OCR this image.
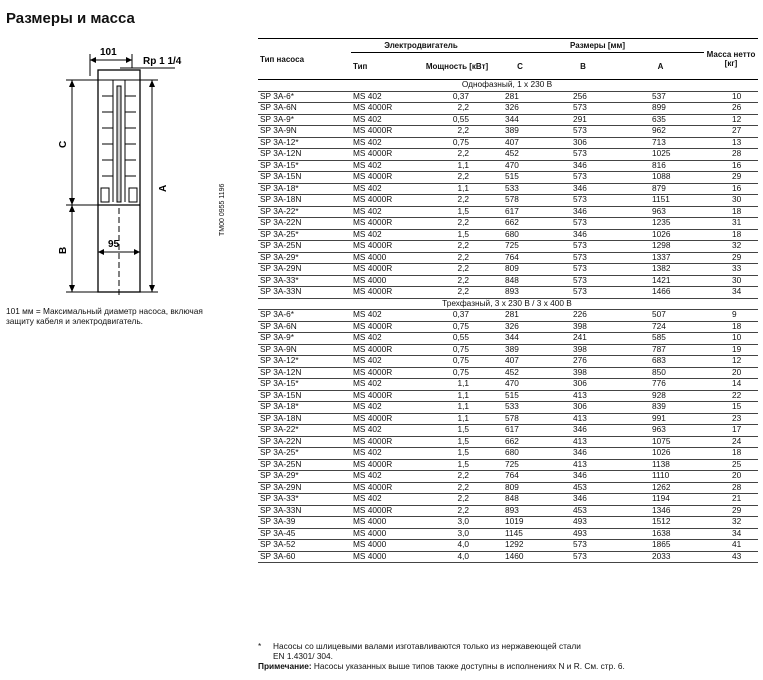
Размеры и масса
101
Rp 1 1/4
C
B
A
95
101 мм = Максимальный диаметр насоса, включая защиту кабеля и электродвигатель.
TM00 0955 1196
Тип насоса	Электродвигатель		Размеры [мм]			Масса нетто [кг]
	Тип	Мощность [кВт]	C	B	A	
Однофазный, 1 x 230 В						
SP 3A-6*	MS 402	0,37	281	256	537	10
SP 3A-6N	MS 4000R	2,2	326	573	899	26
SP 3A-9*	MS 402	0,55	344	291	635	12
SP 3A-9N	MS 4000R	2,2	389	573	962	27
SP 3A-12*	MS 402	0,75	407	306	713	13
SP 3A-12N	MS 4000R	2,2	452	573	1025	28
SP 3A-15*	MS 402	1,1	470	346	816	16
SP 3A-15N	MS 4000R	2,2	515	573	1088	29
SP 3A-18*	MS 402	1,1	533	346	879	16
SP 3A-18N	MS 4000R	2,2	578	573	1151	30
SP 3A-22*	MS 402	1,5	617	346	963	18
SP 3A-22N	MS 4000R	2,2	662	573	1235	31
SP 3A-25*	MS 402	1,5	680	346	1026	18
SP 3A-25N	MS 4000R	2,2	725	573	1298	32
SP 3A-29*	MS 4000	2,2	764	573	1337	29
SP 3A-29N	MS 4000R	2,2	809	573	1382	33
SP 3A-33*	MS 4000	2,2	848	573	1421	30
SP 3A-33N	MS 4000R	2,2	893	573	1466	34
Трехфазный, 3 x 230 В / 3 x 400 В						
SP 3A-6*	MS 402	0,37	281	226	507	9
SP 3A-6N	MS 4000R	0,75	326	398	724	18
SP 3A-9*	MS 402	0,55	344	241	585	10
SP 3A-9N	MS 4000R	0,75	389	398	787	19
SP 3A-12*	MS 402	0,75	407	276	683	12
SP 3A-12N	MS 4000R	0,75	452	398	850	20
SP 3A-15*	MS 402	1,1	470	306	776	14
SP 3A-15N	MS 4000R	1,1	515	413	928	22
SP 3A-18*	MS 402	1,1	533	306	839	15
SP 3A-18N	MS 4000R	1,1	578	413	991	23
SP 3A-22*	MS 402	1,5	617	346	963	17
SP 3A-22N	MS 4000R	1,5	662	413	1075	24
SP 3A-25*	MS 402	1,5	680	346	1026	18
SP 3A-25N	MS 4000R	1,5	725	413	1138	25
SP 3A-29*	MS 402	2,2	764	346	1110	20
SP 3A-29N	MS 4000R	2,2	809	453	1262	28
SP 3A-33*	MS 402	2,2	848	346	1194	21
SP 3A-33N	MS 4000R	2,2	893	453	1346	29
SP 3A-39	MS 4000	3,0	1019	493	1512	32
SP 3A-45	MS 4000	3,0	1145	493	1638	34
SP 3A-52	MS 4000	4,0	1292	573	1865	41
SP 3A-60	MS 4000	4,0	1460	573	2033	43
* Насосы со шлицевыми валами изготавливаются только из нержавеющей стали
EN 1.4301/ 304.
Примечание: Насосы указанных выше типов также доступны в исполнениях N и R. См. стр. 6.
